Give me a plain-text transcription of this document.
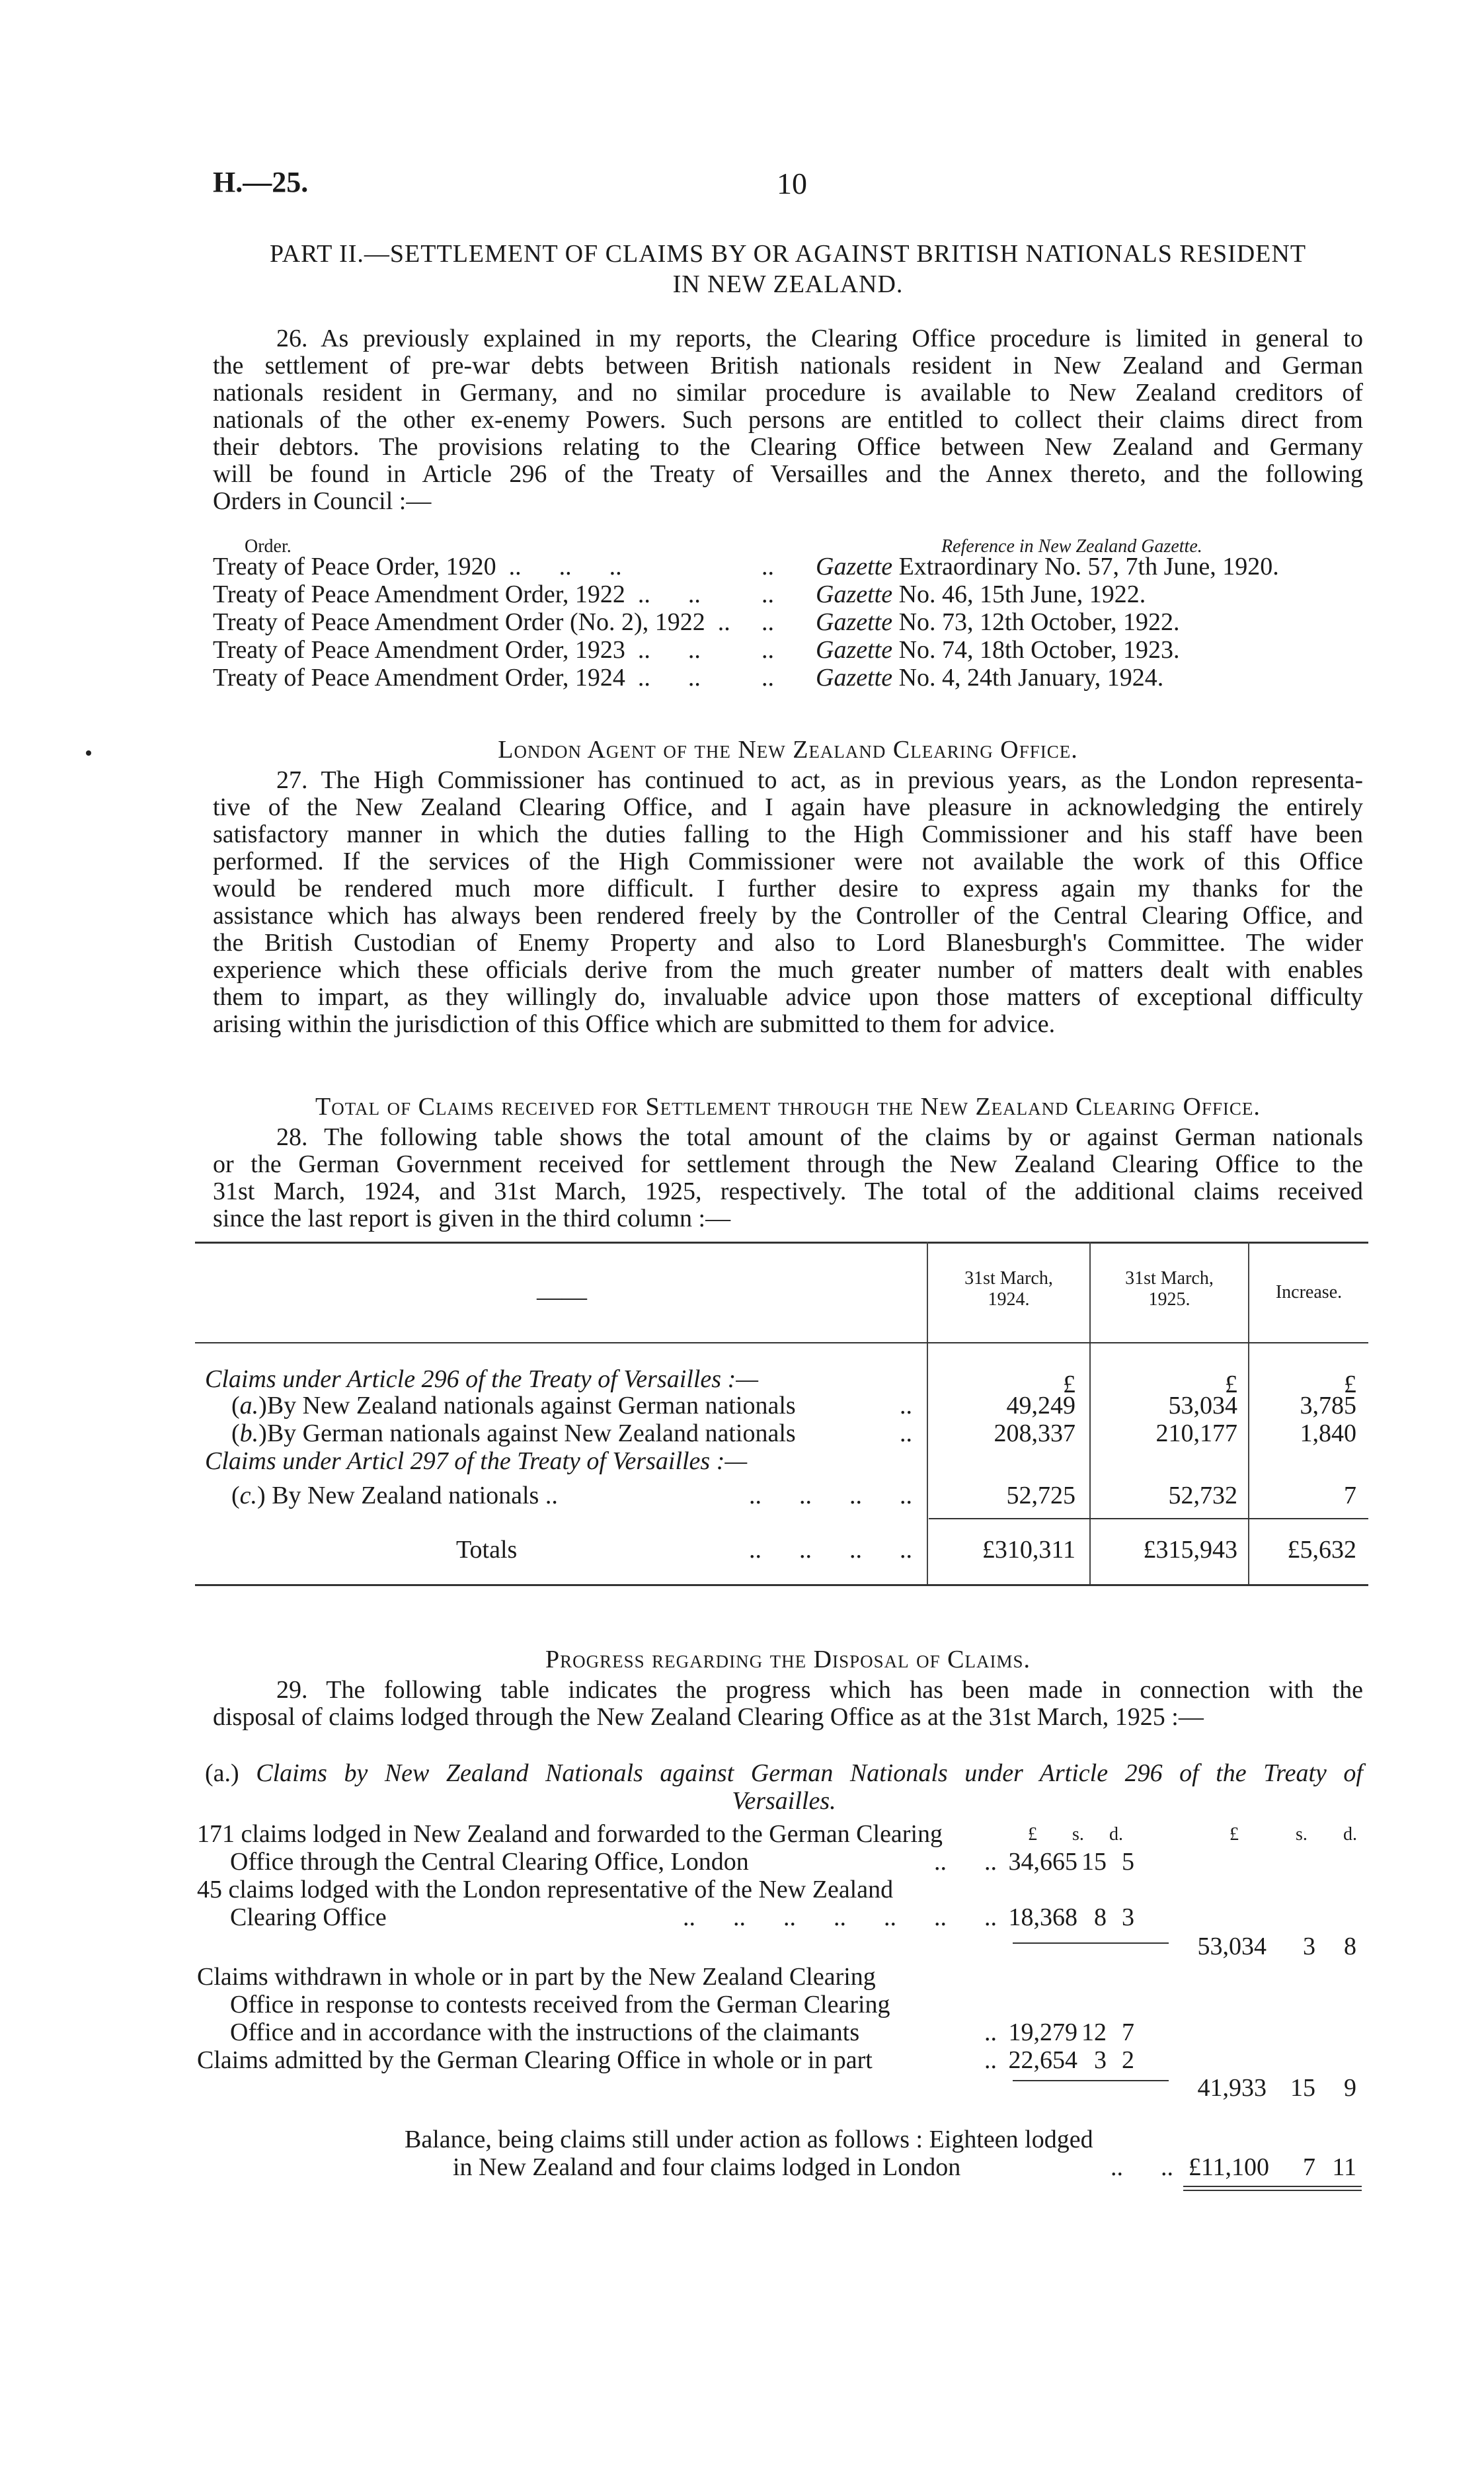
H.—25.	10
PART II.—SETTLEMENT OF CLAIMS BY OR AGAINST BRITISH NATIONALS RESIDENT
IN NEW ZEALAND.
26. As previously explained in my reports, the Clearing Office procedure is limited in general to
the settlement of pre-war debts between British nationals resident in New Zealand and German
nationals resident in Germany, and no similar procedure is available to New Zealand creditors of
nationals of the other ex-enemy Powers. Such persons are entitled to collect their claims direct from
their debtors. The provisions relating to the Clearing Office between New Zealand and Germany
will be found in Article 296 of the Treaty of Versailles and the Annex thereto, and the following
Orders in Council :—
Order.	Reference in New Zealand Gazette.
Treaty of Peace Order, 1920  ..      ..      ..	..	Gazette Extraordinary No. 57, 7th June, 1920.
Treaty of Peace Amendment Order, 1922  ..      ..	..	Gazette No. 46, 15th June, 1922.
Treaty of Peace Amendment Order (No. 2), 1922  ..	..	Gazette No. 73, 12th October, 1922.
Treaty of Peace Amendment Order, 1923  ..      ..	..	Gazette No. 74, 18th October, 1923.
Treaty of Peace Amendment Order, 1924  ..      ..	..	Gazette No. 4, 24th January, 1924.
London Agent of the New Zealand Clearing Office.
27. The High Commissioner has continued to act, as in previous years, as the London representa-
tive of the New Zealand Clearing Office, and I again have pleasure in acknowledging the entirely
satisfactory manner in which the duties falling to the High Commissioner and his staff have been
performed. If the services of the High Commissioner were not available the work of this Office
would be rendered much more difficult. I further desire to express again my thanks for the
assistance which has always been rendered freely by the Controller of the Central Clearing Office, and
the British Custodian of Enemy Property and also to Lord Blanesburgh's Committee. The wider
experience which these officials derive from the much greater number of matters dealt with enables
them to impart, as they willingly do, invaluable advice upon those matters of exceptional difficulty
arising within the jurisdiction of this Office which are submitted to them for advice.
Total of Claims received for Settlement through the New Zealand Clearing Office.
28. The following table shows the total amount of the claims by or against German nationals
or the German Government received for settlement through the New Zealand Clearing Office to the
31st March, 1924, and 31st March, 1925, respectively. The total of the additional claims received
since the last report is given in the third column :—
——
31st March,
1924.
31st March,
1925.	Increase.
£	£	£
Claims under Article 296 of the Treaty of Versailles :—
(a.) By New Zealand nationals against German nationals	..	49,249	53,034	3,785
(b.) By German nationals against New Zealand nationals	..	208,337	210,177	1,840
Claims under Articl 297 of the Treaty of Versailles :—
(c.) By New Zealand nationals ..	..      ..      ..      ..	52,725	52,732	7
Totals	..      ..      ..      ..	£310,311	£315,943	£5,632
Progress regarding the Disposal of Claims.
29. The following table indicates the progress which has been made in connection with the
disposal of claims lodged through the New Zealand Clearing Office as at the 31st March, 1925 :—
(a.) Claims by New Zealand Nationals against German Nationals under Article 296 of the Treaty of
Versailles.
£ s. d.	£	s. d.
171 claims lodged in New Zealand and forwarded to the German Clearing
Office through the Central Clearing Office, London	..      .. 34,665 15 5
45 claims lodged with the London representative of the New Zealand
Clearing Office	..      ..      ..      ..      ..      ..      .. 18,368 8 3
53,034	3	8
Claims withdrawn in whole or in part by the New Zealand Clearing
Office in response to contests received from the German Clearing
Office and in accordance with the instructions of the claimants	.. 19,279 12 7
Claims admitted by the German Clearing Office in whole or in part	.. 22,654 3 2
41,933 15	9
Balance, being claims still under action as follows : Eighteen lodged
in New Zealand and four claims lodged in London	..      .. £11,100	7 11
